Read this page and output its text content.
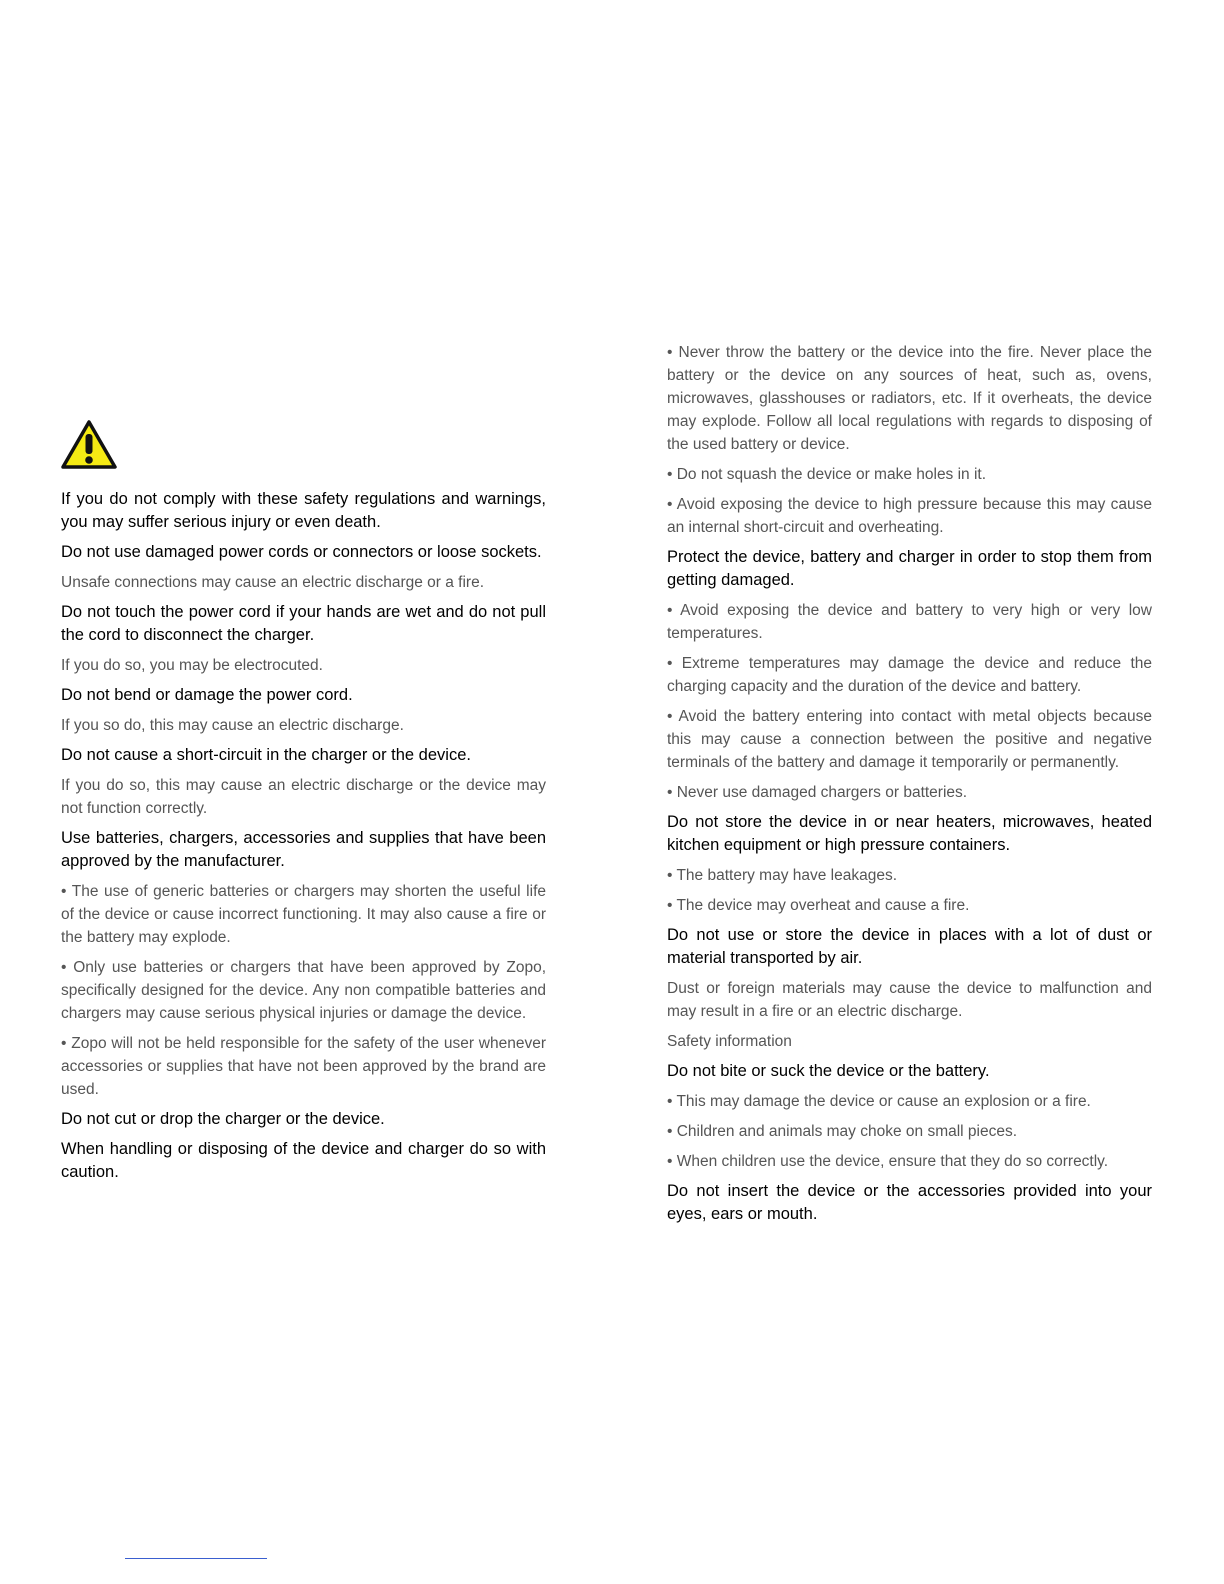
If you do not comply with these safety regulations and warnings, you may suffer serious injury or even death.

Do not use damaged power cords or connectors or loose sockets.

Unsafe connections may cause an electric discharge or a fire.

Do not touch the power cord if your hands are wet and do not pull the cord to disconnect the charger.

If you do so, you may be electrocuted.

Do not bend or damage the power cord.

If you so do, this may cause an electric discharge.

Do not cause a short-circuit in the charger or the device.

If you do so, this may cause an electric discharge or the device may not function correctly.

Use batteries, chargers, accessories and supplies that have been approved by the manufacturer.

• The use of generic batteries or chargers may shorten the useful life of the device or cause incorrect functioning. It may also cause a fire or the battery may explode.

• Only use batteries or chargers that have been approved by Zopo, specifically designed for the device. Any non compatible batteries and chargers may cause serious physical injuries or damage the device.

• Zopo will not be held responsible for the safety of the user whenever accessories or supplies that have not been approved by the brand are used.

Do not cut or drop the charger or the device.

When handling or disposing of the device and charger do so with caution.

• Never throw the battery or the device into the fire. Never place the battery or the device on any sources of heat, such as, ovens, microwaves, glasshouses or radiators, etc. If it overheats, the device may explode. Follow all local regulations with regards to disposing of the used battery or device.

• Do not squash the device or make holes in it.

• Avoid exposing the device to high pressure because this may cause an internal short-circuit and overheating.

Protect the device, battery and charger in order to stop them from getting damaged.

• Avoid exposing the device and battery to very high or very low temperatures.

• Extreme temperatures may damage the device and reduce the charging capacity and the duration of the device and battery.

• Avoid the battery entering into contact with metal objects because this may cause a connection between the positive and negative terminals of the battery and damage it temporarily or permanently.

• Never use damaged chargers or batteries.

Do not store the device in or near heaters, microwaves, heated kitchen equipment or high pressure containers.

• The battery may have leakages.

• The device may overheat and cause a fire.

Do not use or store the device in places with a lot of dust or material transported by air.

Dust or foreign materials may cause the device to malfunction and may result in a fire or an electric discharge.

Safety information

Do not bite or suck the device or the battery.

• This may damage the device or cause an explosion or a fire.

• Children and animals may choke on small pieces.

• When children use the device, ensure that they do so correctly.

Do not insert the device or the accessories provided into your eyes, ears or mouth.
